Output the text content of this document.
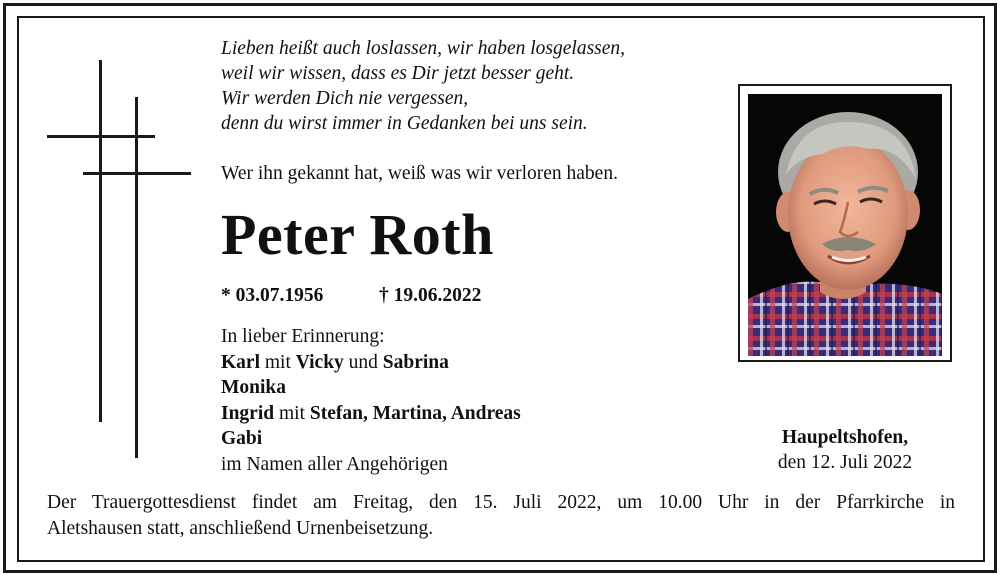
Lieben heißt auch loslassen, wir haben losgelassen,
weil wir wissen, dass es Dir jetzt besser geht.
Wir werden Dich nie vergessen,
denn du wirst immer in Gedanken bei uns sein.
Wer ihn gekannt hat, weiß was wir verloren haben.
Peter Roth
* 03.07.1956	† 19.06.2022
In lieber Erinnerung:
Karl mit Vicky und Sabrina
Monika
Ingrid mit Stefan, Martina, Andreas
Gabi
im Namen aller Angehörigen
Haupeltshofen,
den 12. Juli 2022
Der Trauergottesdienst findet am Freitag, den 15. Juli 2022, um 10.00 Uhr in der Pfarrkirche in
Aletshausen statt, anschließend Urnenbeisetzung.
